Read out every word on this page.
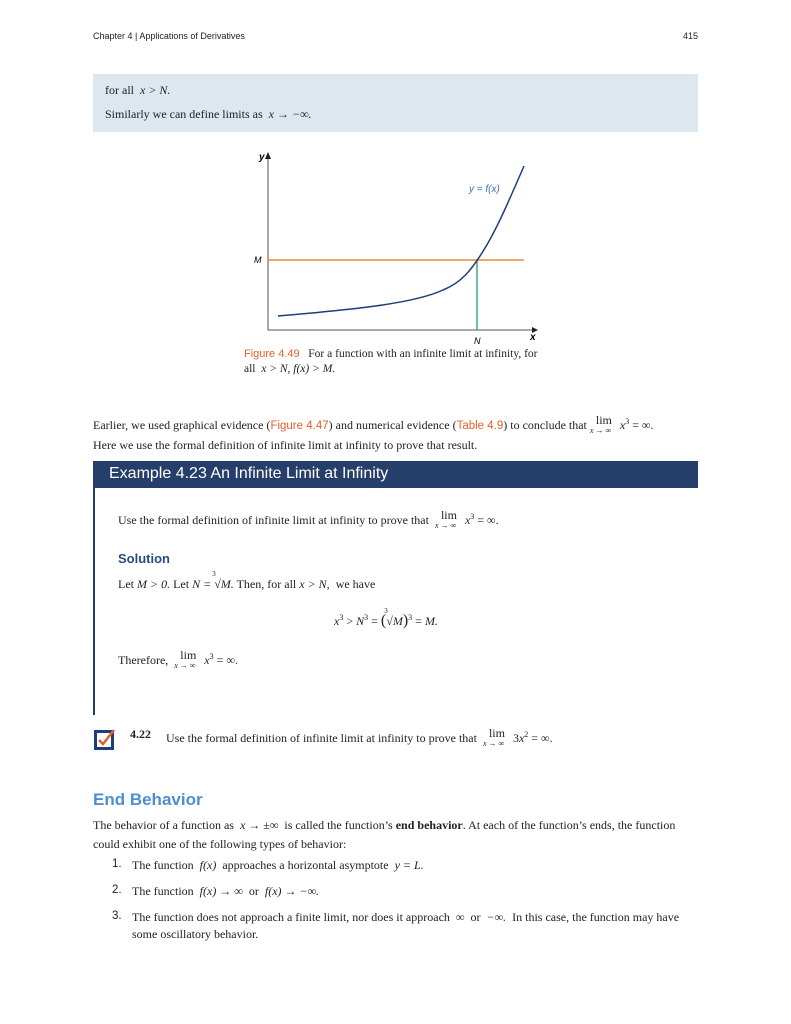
Chapter 4 | Applications of Derivatives	415

for all x > N.

Similarly we can define limits as x → −∞.

y
x
M
N
y = f(x)
Figure 4.49 For a function with an infinite limit at infinity, for
all x > N, f(x) > M.
Earlier, we used graphical evidence (Figure 4.47) and numerical evidence (Table 4.9) to conclude that lim
x → ∞ $x^3$ = ∞.
Here we use the formal definition of infinite limit at infinity to prove that result.
Example 4.23 An Infinite Limit at Infinity
Use the formal definition of infinite limit at infinity to prove that lim
x → ∞ $x^3$ = ∞.
Solution
Let M > 0. Let N =
3
√M. Then, for all x > N, we have
$x^3 > N^3$ = (
3
√M)$^3$ = M.
Therefore, lim
x → ∞ $x^3$ = ∞.
4.22 Use the formal definition of infinite limit at infinity to prove that lim
x → ∞ $3x^2$ = ∞.
End Behavior
The behavior of a function as x → ±∞ is called the function’s end behavior. At each of the function’s ends, the function
could exhibit one of the following types of behavior:
1. The function f(x) approaches a horizontal asymptote y = L.
2. The function f(x) → ∞ or f(x) → −∞.
3. The function does not approach a finite limit, nor does it approach ∞ or −∞. In this case, the function may have
some oscillatory behavior.
